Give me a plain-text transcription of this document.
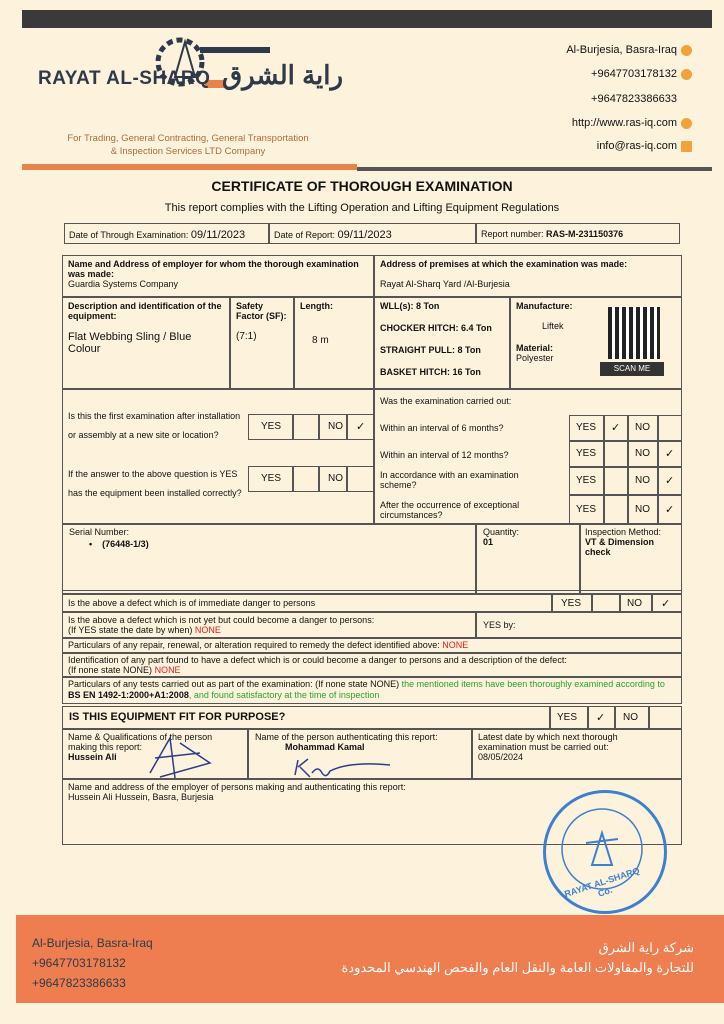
RAYAT AL-SHARQ راية الشرق
For Trading, General Contracting, General Transportation
& Inspection Services LTD Company
Al-Burjesia, Basra-Iraq
+9647703178132
+9647823386633
http://www.ras-iq.com
info@ras-iq.com
CERTIFICATE OF THOROUGH EXAMINATION
This report complies with the Lifting Operation and Lifting Equipment Regulations
Date of Through Examination: 09/11/2023	Date of Report: 09/11/2023	Report number: RAS-M-231150376
Name and Address of employer for whom the thorough examination was made:
Guardia Systems Company
Address of premises at which the examination was made:
Rayat Al-Sharq Yard /Al-Burjesia
Description and identification of the equipment:
Flat Webbing Sling / Blue Colour
Safety Factor (SF):
(7:1)
Length:
8 m
WLL(s): 8 Ton
CHOCKER HITCH: 6.4 Ton
STRAIGHT PULL: 8 Ton
BASKET HITCH: 16 Ton
Manufacture:
Liftek
Material:
Polyester
SCAN ME
Is this the first examination after installation or assembly at a new site or location?
If the answer to the above question is YES has the equipment been installed correctly?
YES	NO	✓
YES	NO
Was the examination carried out:
Within an interval of 6 months?
Within an interval of 12 months?
In accordance with an examination scheme?
After the occurrence of exceptional circumstances?
YES	✓	NO
YES	NO	✓
YES	NO	✓
YES	NO	✓
Serial Number:
•    (76448-1/3)
Quantity:
01
Inspection Method:
VT & Dimension check
Is the above a defect which is of immediate danger to persons	YES	NO	✓
Is the above a defect which is not yet but could become a danger to persons:
(If YES state the date by when) NONE	YES by:
Particulars of any repair, renewal, or alteration required to remedy the defect identified above: NONE
Identification of any part found to have a defect which is or could become a danger to persons and a description of the defect:
(If none state NONE) NONE
Particulars of any tests carried out as part of the examination: (If none state NONE) the mentioned items have been thoroughly examined according to BS EN 1492-1:2000+A1:2008, and found satisfactory at the time of inspection
IS THIS EQUIPMENT FIT FOR PURPOSE?	YES	✓	NO
Name & Qualifications of the person making this report:
Hussein Ali
Name of the person authenticating this report:
Mohammad Kamal
Latest date by which next thorough examination must be carried out:
08/05/2024
Name and address of the employer of persons making and authenticating this report:
Hussein Ali Hussein, Basra, Burjesia
RAYAT AL-SHARQ Co.
Al-Burjesia, Basra-Iraq
+9647703178132
+9647823386633
شركة راية الشرق
للتجارة والمقاولات العامة والنقل العام والفحص الهندسي المحدودة
